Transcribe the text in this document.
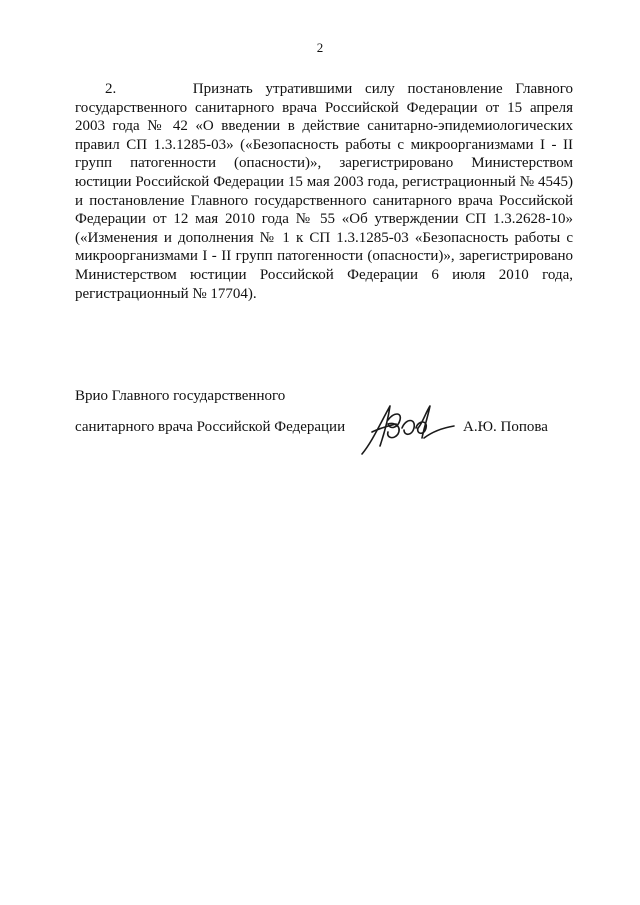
2
2.	Признать утратившими силу постановление Главного
государственного санитарного врача Российской Федерации от 15 апреля
2003 года № 42 «О введении в действие санитарно-эпидемиологических
правил СП 1.3.1285-03» («Безопасность работы с микроорганизмами I - II
групп патогенности (опасности)», зарегистрировано Министерством
юстиции Российской Федерации 15 мая 2003 года, регистрационный № 4545)
и постановление Главного государственного санитарного врача Российской
Федерации от 12 мая 2010 года № 55 «Об утверждении СП 1.3.2628-10»
(«Изменения и дополнения № 1 к СП 1.3.1285-03 «Безопасность работы с
микроорганизмами I - II групп патогенности (опасности)», зарегистрировано
Министерством юстиции Российской Федерации 6 июля 2010 года,
регистрационный № 17704).
Врио Главного государственного
санитарного врача Российской Федерации	А.Ю. Попова
